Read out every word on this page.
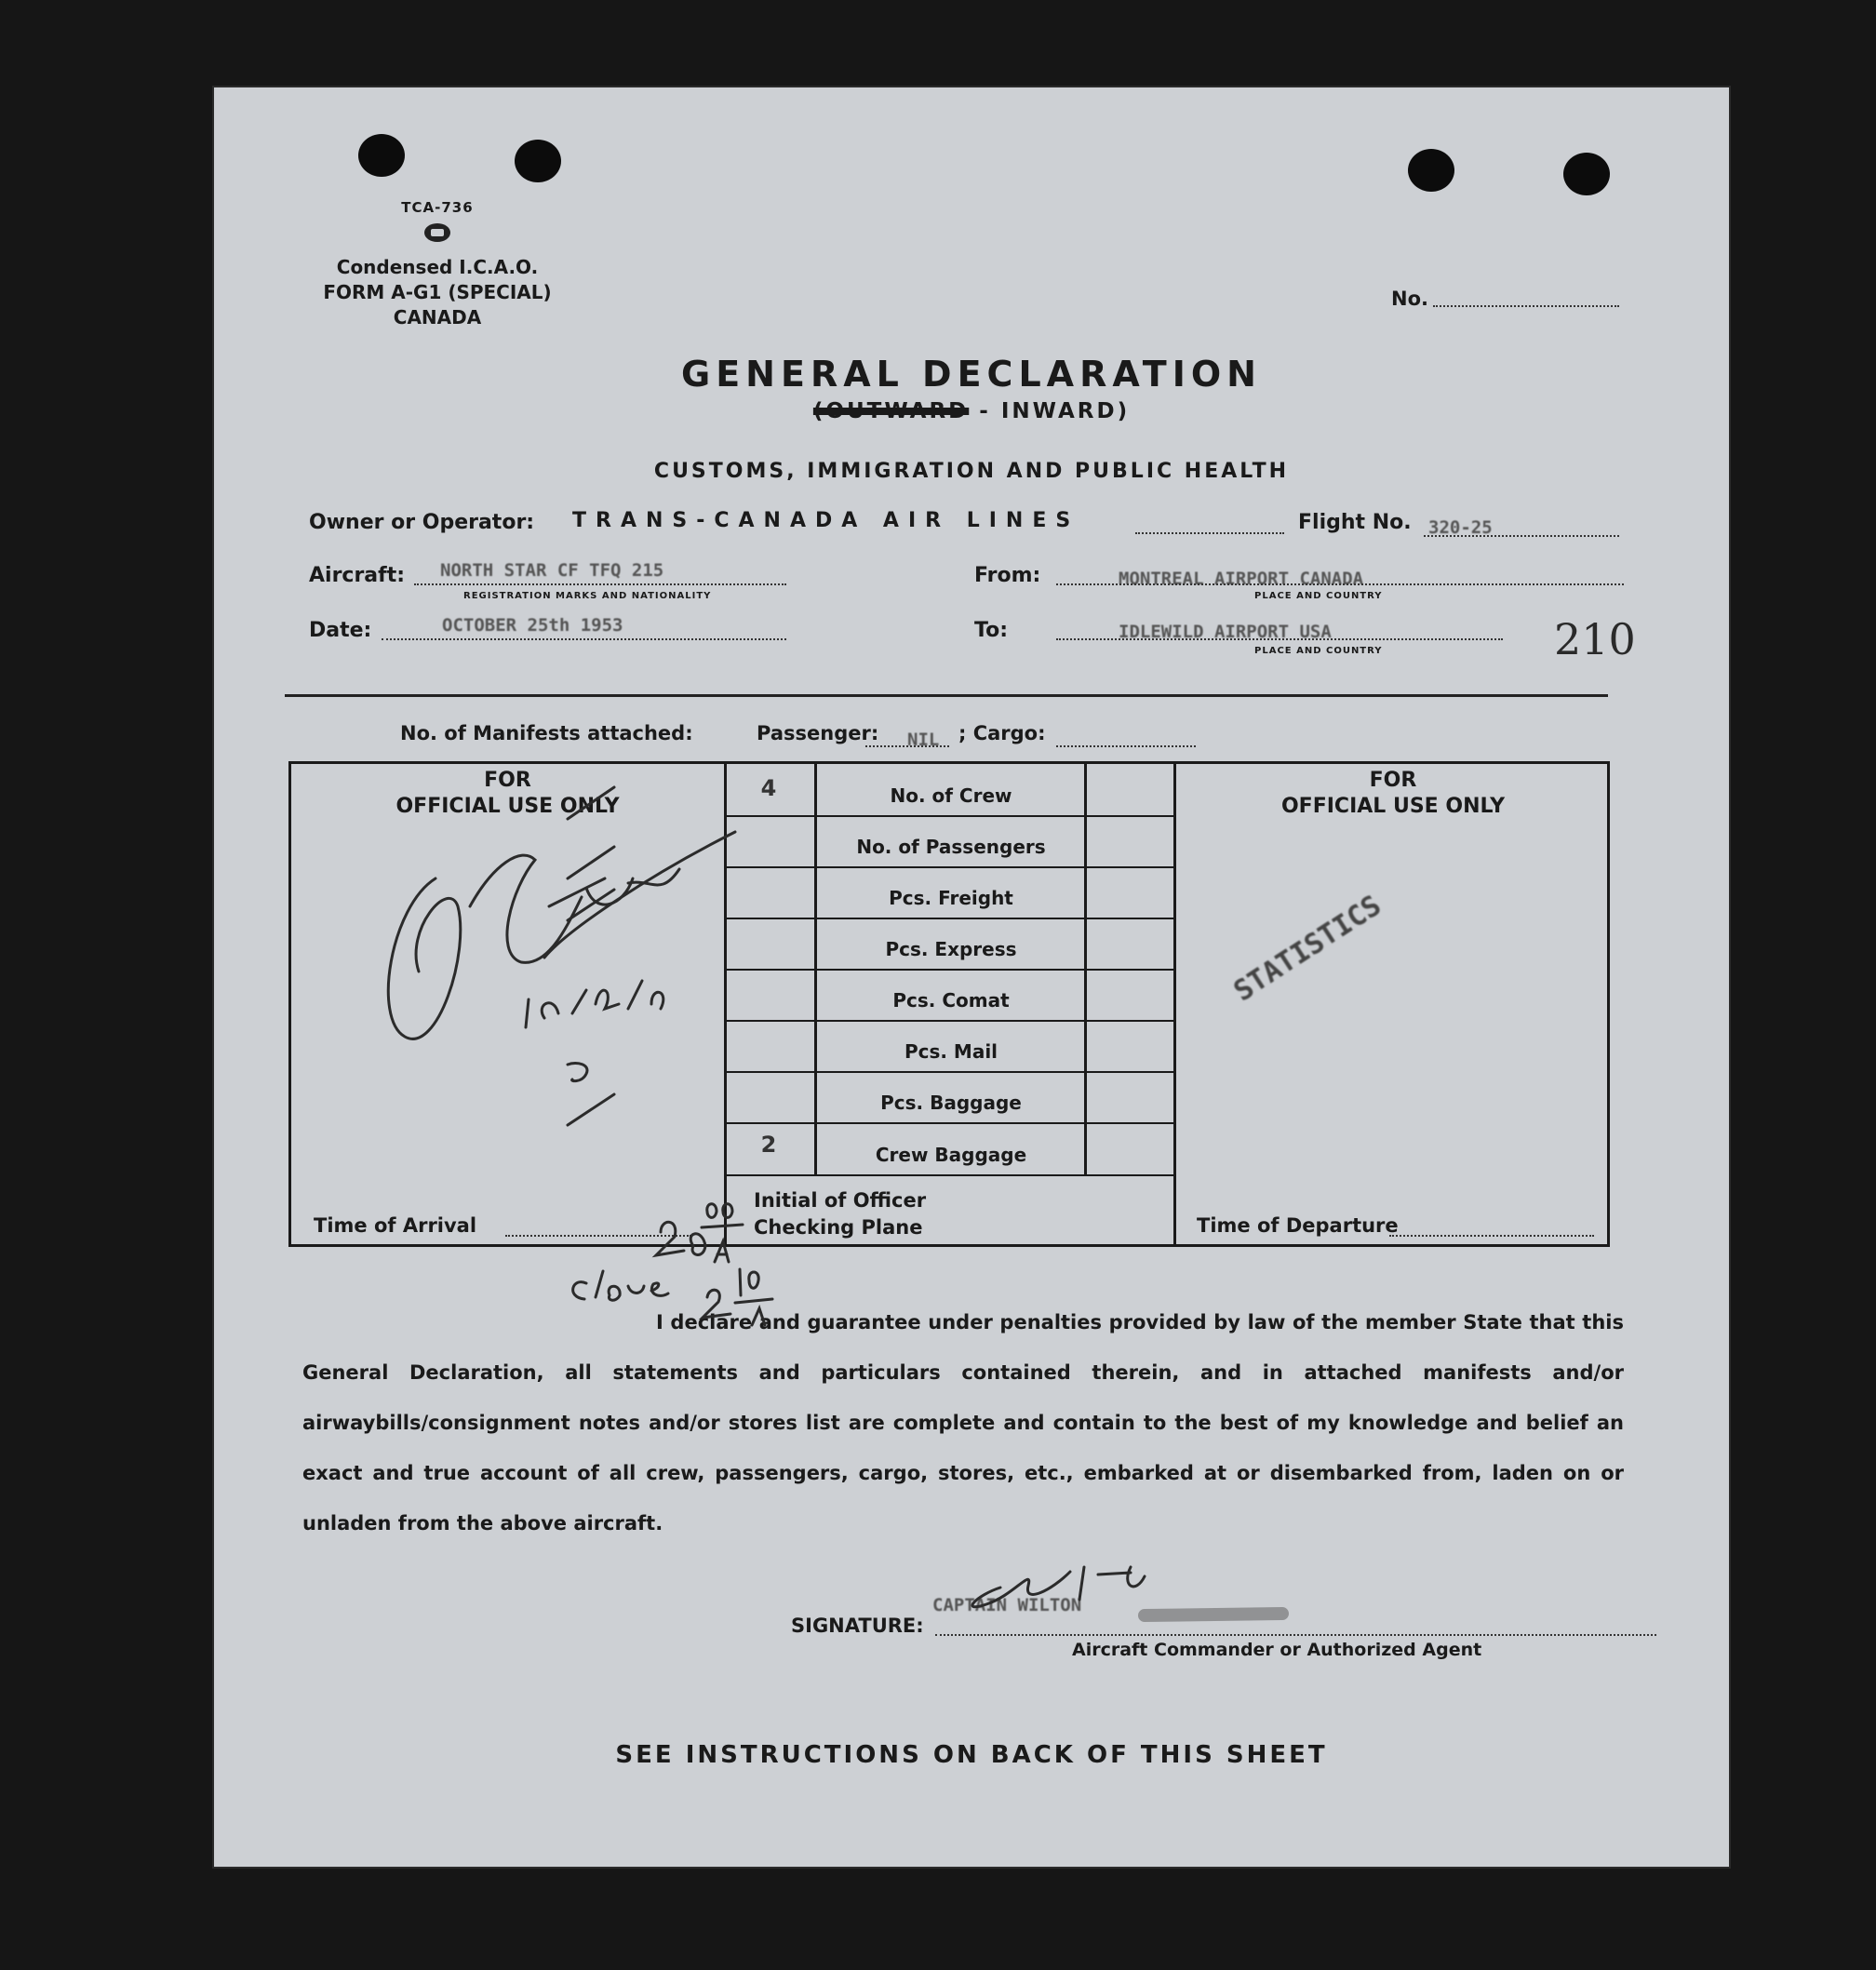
TCA-736
Condensed I.C.A.O.
FORM A-G1 (SPECIAL)
CANADA
No.
GENERAL DECLARATION
(OUTWARD - INWARD)
CUSTOMS, IMMIGRATION AND PUBLIC HEALTH
Owner or Operator: TRANS-CANADA AIR LINES	Flight No. 320-25
Aircraft: NORTH STAR CF TFQ 215
REGISTRATION MARKS AND NATIONALITY
From:	MONTREAL AIRPORT CANADA
PLACE AND COUNTRY
Date:	OCTOBER 25th 1953	To:	IDLEWILD AIRPORT USA
PLACE AND COUNTRY	210
No. of Manifests attached:	Passenger: NIL ; Cargo:
FOR
OFFICIAL USE ONLY
FOR
OFFICIAL USE ONLY
4	No. of Crew
No. of Passengers
Pcs. Freight
Pcs. Express
Pcs. Comat
Pcs. Mail
Pcs. Baggage
2	Crew Baggage
Initial of Officer
Checking Plane
Time of Arrival	Time of Departure
STATISTICS

I declare and guarantee under penalties provided by law of the member State that this General Declaration, all statements and particulars contained therein, and in attached manifests and/or airwaybills/consignment notes and/or stores list are complete and contain to the best of my knowledge and belief an exact and true account of all crew, passengers, cargo, stores, etc., embarked at or disembarked from, laden on or unladen from the above aircraft.

CAPTAIN WILTON
SIGNATURE:
Aircraft Commander or Authorized Agent
SEE INSTRUCTIONS ON BACK OF THIS SHEET
